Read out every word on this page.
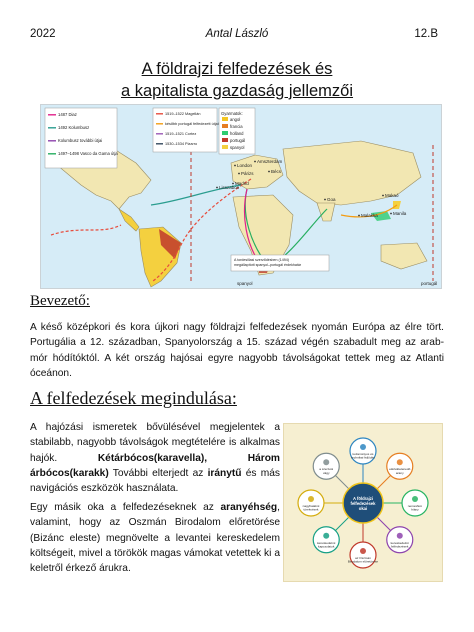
2022	Antal László	12.B
A földrajzi felfedezések és
a kapitalista gazdaság jellemzői
1487 Diaz
1492 Kolumbusz
Kolumbusz további útjai
1497–1498 Vasco da Gama útja
1519–1522 Magellán
később portugál felfedezett útjai
1519–1521 Cortez
1530–1534 Pizarro
Gyarmatok:
angol
francia
holland
portugál
spanyol
London
Párizs
Amszterdam
Bécs
Madrid
Lisszabon
Goa
Malakka
Makaó
Manila
A tordesillasi szerződésben (1494) megállapított spanyol–portugál érdekhatár
spanyol	portugál
Bevezető:
A késő középkori és kora újkori nagy földrajzi felfedezések nyomán Európa az élre tört. Portugália a 12. században, Spanyolország a 15. század végén szabadult meg az arab-mór hódítóktól. A két ország hajósai egyre nagyobb távolságokat tettek meg az Atlanti óceánon.
A felfedezések megindulása:
A hajózási ismeretek bővülésével megjelentek a stabilabb, nagyobb távolságok megtételére is alkalmas hajók. Kétárbócos(karavella), Három árbócos(karakk) További elterjedt az iránytű és más navigációs eszközök használata.
Egy másik oka a felfedezéseknek az aranyéhség, valamint, hogy az Oszmán Birodalom előretörése (Bizánc eleste) megnövelte a levantei kereskedelem költségeit, mivel a törökök magas vámokat vetettek ki a keletről érkező árukra.
tudományos és technikai fejlődés
elértéktelenedő arany
nemesfém hiány
kereskedelmi felfedezések
az Oszmán Birodalom előretörése
kereskedelmi kapcsolatok
nagyhatalmi törekvések
a szerzési vágy
A földrajzi felfedezések okai
